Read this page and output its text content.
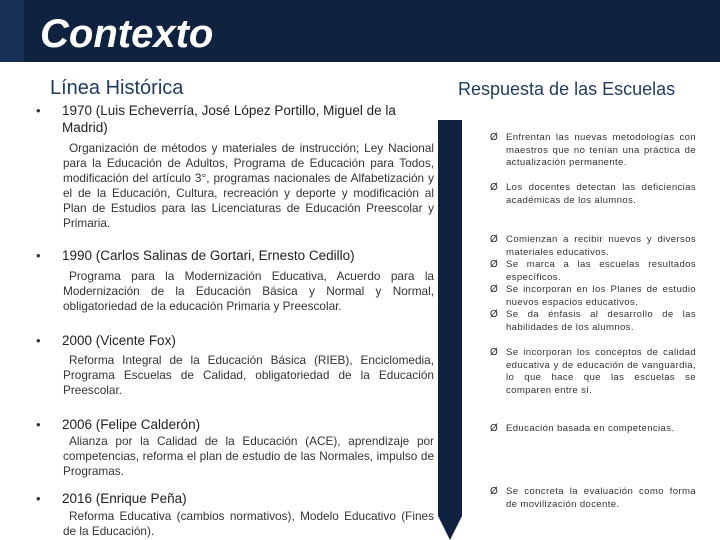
Contexto
Línea Histórica	Respuesta de las Escuelas
• 1970 (Luis Echeverría, José López Portillo, Miguel de la Madrid)
Organización de métodos y materiales de instrucción; Ley Nacional para la Educación de Adultos, Programa de Educación para Todos, modificación del artículo 3°, programas nacionales de Alfabetización y el de la Educación, Cultura, recreación y deporte y modificación al Plan de Estudios para las Licenciaturas de Educación Preescolar y Primaria.
• 1990 (Carlos Salinas de Gortari, Ernesto Cedillo)
Programa para la Modernización Educativa, Acuerdo para la Modernización de la Educación Básica y Normal y Normal, obligatoriedad de la educación Primaria y Preescolar.
• 2000 (Vicente Fox)
Reforma Integral de la Educación Básica (RIEB), Enciclomedia, Programa Escuelas de Calidad, obligatoriedad de la Educación Preescolar.
• 2006 (Felipe Calderón)
Alianza por la Calidad de la Educación (ACE), aprendizaje por competencias, reforma el plan de estudio de las Normales, impulso de Programas.
• 2016 (Enrique Peña)
Reforma Educativa (cambios normativos), Modelo Educativo (Fines de la Educación).
Ø Enfrentan las nuevas metodologías con maestros que no tenían una práctica de actualización permanente.
Ø Los docentes detectan las deficiencias académicas de los alumnos.
Ø Comienzan a recibir nuevos y diversos materiales educativos.
Ø Se marca a las escuelas resultados específicos.
Ø Se incorporan en los Planes de estudio nuevos espacios educativos.
Ø Se da énfasis al desarrollo de las habilidades de los alumnos.
Ø Se incorporan los conceptos de calidad educativa y de educación de vanguardia, lo que hace que las escuelas se comparen entre sí.
Ø Educación basada en competencias.
Ø Se concreta la evaluación como forma de movilización docente.
